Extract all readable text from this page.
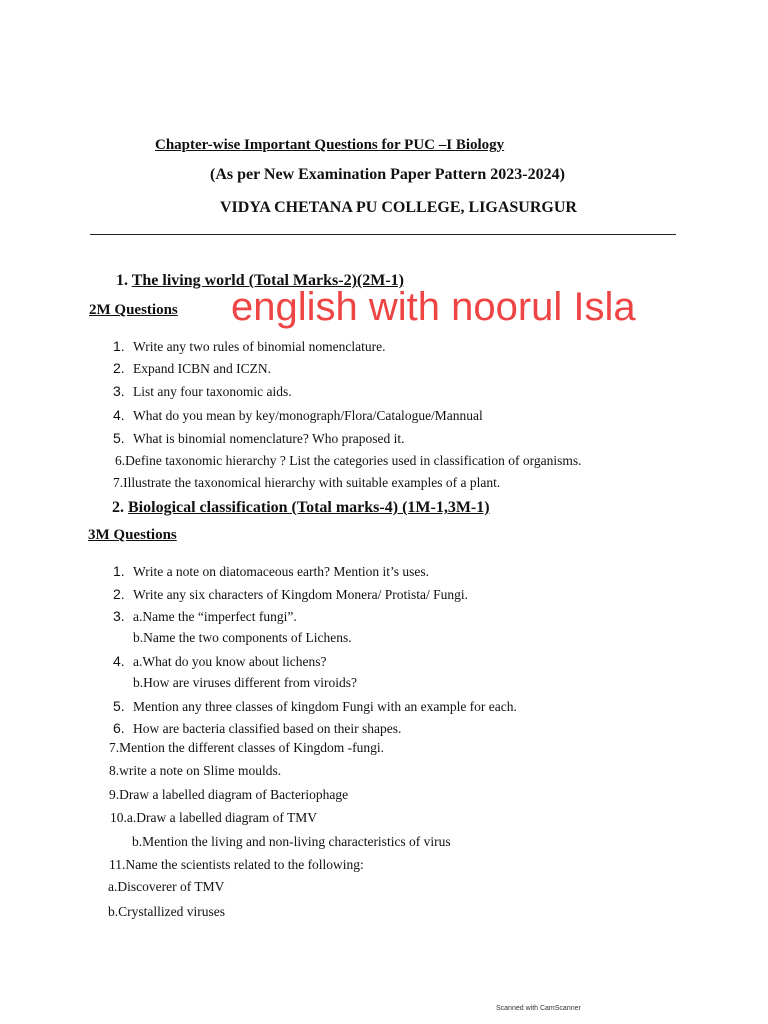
Chapter-wise Important Questions for PUC –I Biology
(As per New Examination Paper Pattern 2023-2024)
VIDYA CHETANA PU COLLEGE, LIGASURGUR
1. The living world (Total Marks-2)(2M-1)
2M Questions english with noorul Isla
1. Write any two rules of binomial nomenclature.
2. Expand ICBN and ICZN.
3. List any four taxonomic aids.
4. What do you mean by key/monograph/Flora/Catalogue/Mannual
5. What is binomial nomenclature? Who praposed it.
6.Define taxonomic hierarchy ? List the categories used in classification of organisms.
7.Illustrate the taxonomical hierarchy with suitable examples of a plant.
2. Biological classification (Total marks-4) (1M-1,3M-1)
3M Questions
1. Write a note on diatomaceous earth? Mention it’s uses.
2. Write any six characters of Kingdom Monera/ Protista/ Fungi.
3. a.Name the “imperfect fungi”.
b.Name the two components of Lichens.
4. a.What do you know about lichens?
b.How are viruses different from viroids?
5. Mention any three classes of kingdom Fungi with an example for each.
6. How are bacteria classified based on their shapes.
7.Mention the different classes of Kingdom -fungi.
8.write a note on Slime moulds.
9.Draw a labelled diagram of Bacteriophage
10.a.Draw a labelled diagram of TMV
b.Mention the living and non-living characteristics of virus
11.Name the scientists related to the following:
a.Discoverer of TMV
b.Crystallized viruses
Scanned with CamScanner
